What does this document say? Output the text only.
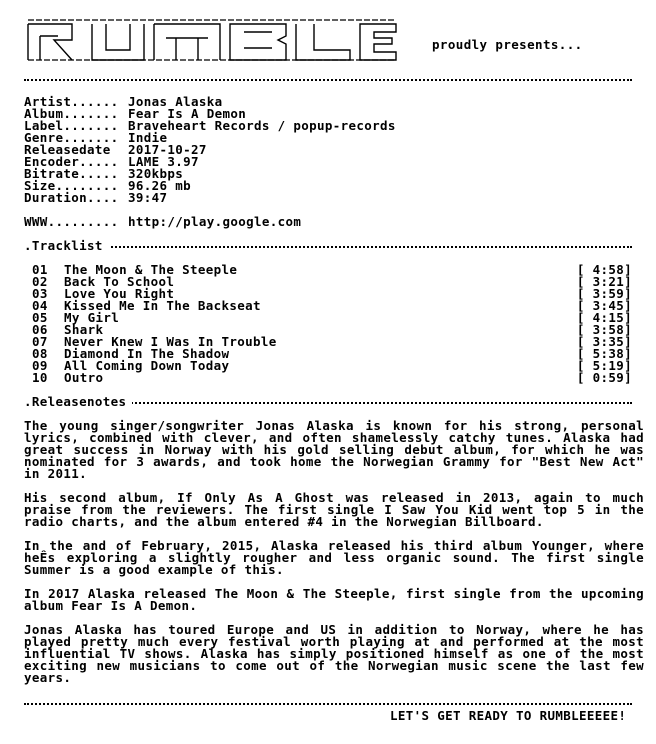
proudly presents...
Artist...... Jonas Alaska
Album....... Fear Is A Demon
Label....... Braveheart Records / popup-records
Genre....... Indie
Releasedate	2017-10-27
Encoder..... LAME 3.97
Bitrate..... 320kbps
Size........ 96.26 mb
Duration.... 39:47
WWW......... http://play.google.com
.Tracklist
01	The Moon & The Steeple	[ 4:58]
02	Back To School	[ 3:21]
03	Love You Right	[ 3:59]
04	Kissed Me In The Backseat	[ 3:45]
05	My Girl	[ 4:15]
06	Shark	[ 3:58]
07	Never Knew I Was In Trouble	[ 3:35]
08	Diamond In The Shadow	[ 5:38]
09	All Coming Down Today	[ 5:19]
10	Outro	[ 0:59]
.Releasenotes

The young singer/songwriter Jonas Alaska is known for his strong, personal lyrics, combined with clever, and often shamelessly catchy tunes. Alaska had great success in Norway with his gold selling debut album, for which he was nominated for 3 awards, and took home the Norwegian Grammy for "Best New Act" in 2011.

His second album, If Only As A Ghost was released in 2013, again to much praise from the reviewers. The first single I Saw You Kid went top 5 in the radio charts, and the album entered #4 in the Norwegian Billboard.

In the and of February, 2015, Alaska released his third album Younger, where heÊs exploring a slightly rougher and less organic sound. The first single Summer is a good example of this.

In 2017 Alaska released The Moon & The Steeple, first single from the upcoming album Fear Is A Demon.

Jonas Alaska has toured Europe and US in addition to Norway, where he has played pretty much every festival worth playing at and performed at the most influential TV shows. Alaska has simply positioned himself as one of the most exciting new musicians to come out of the Norwegian music scene the last few years.

LET'S GET READY TO RUMBLEEEEE!
